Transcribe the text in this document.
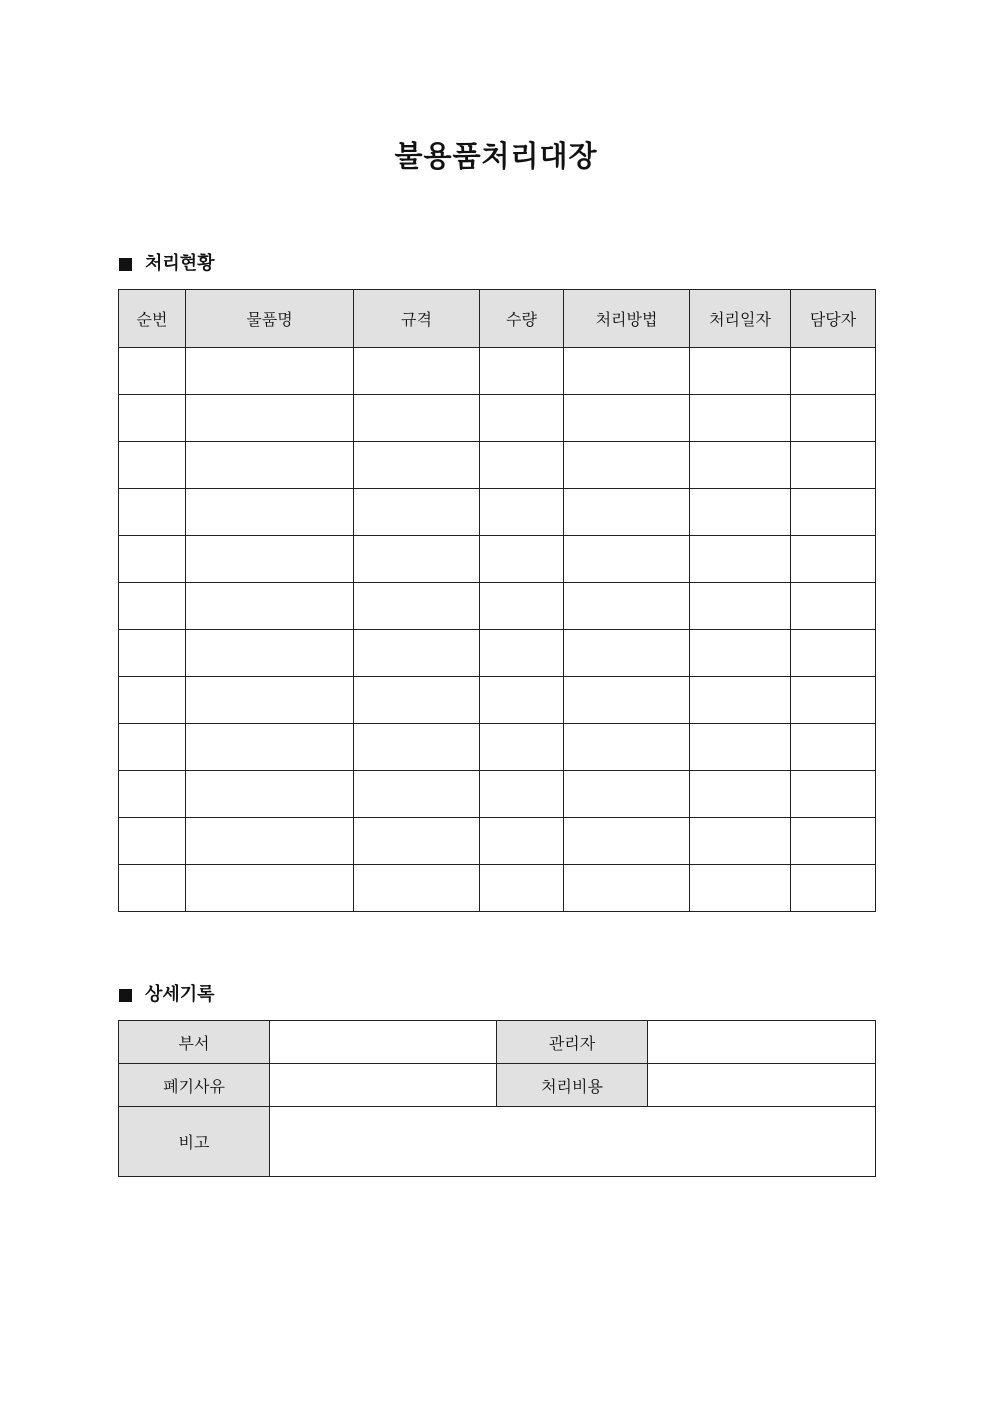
불용품처리대장
처리현황
순번	물품명	규격	수량	처리방법	처리일자	담당자

상세기록
부서		관리자	
폐기사유		처리비용	
비고			
